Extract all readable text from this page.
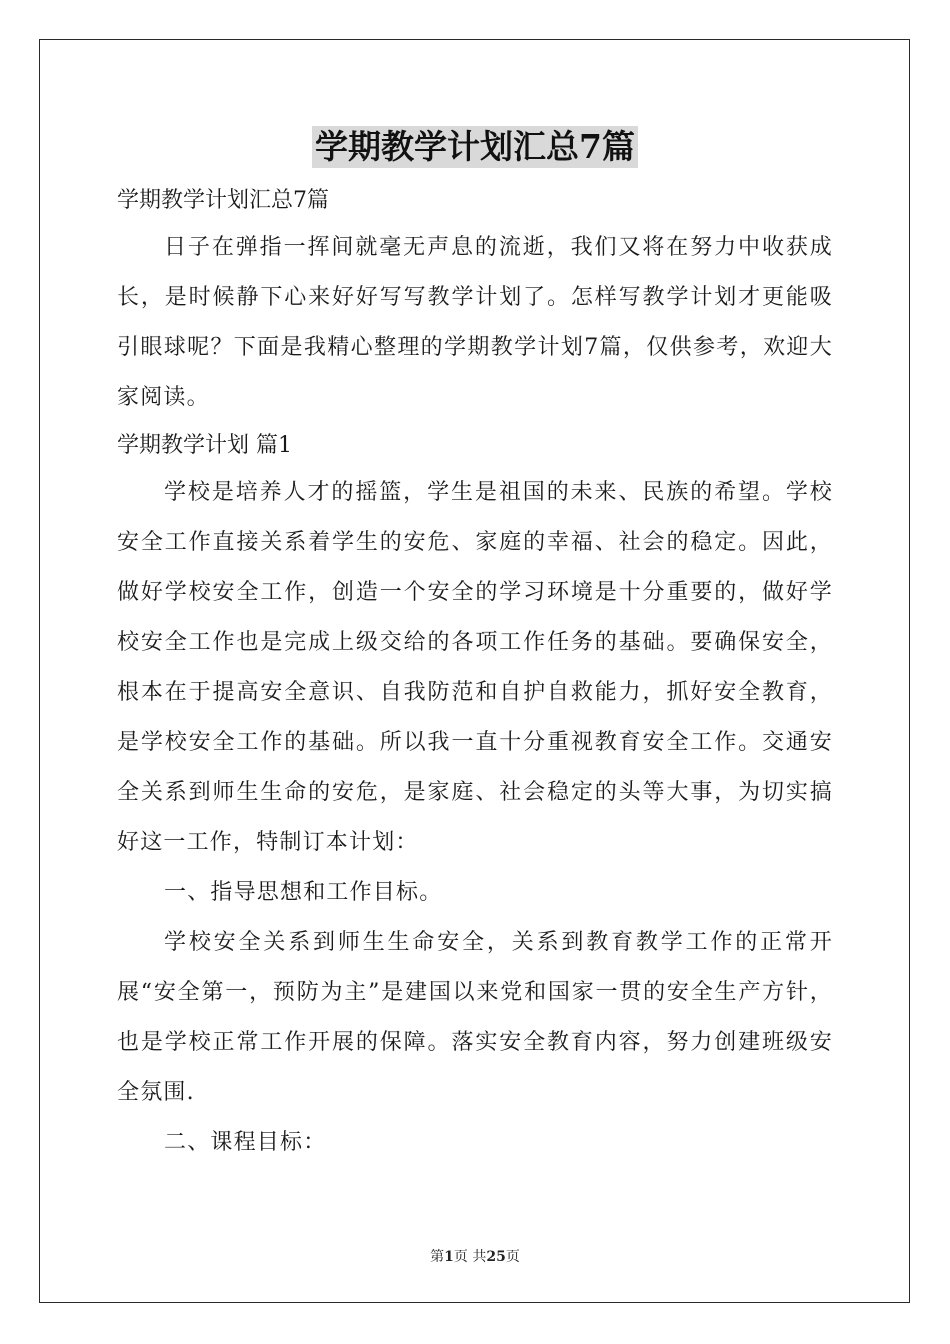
学期教学计划汇总7篇

学期教学计划汇总7篇

日子在弹指一挥间就毫无声息的流逝，我们又将在努力中收获成长，是时候静下心来好好写写教学计划了。怎样写教学计划才更能吸引眼球呢？下面是我精心整理的学期教学计划7篇，仅供参考，欢迎大家阅读。

学期教学计划 篇1

学校是培养人才的摇篮，学生是祖国的未来、民族的希望。学校安全工作直接关系着学生的安危、家庭的幸福、社会的稳定。因此，做好学校安全工作，创造一个安全的学习环境是十分重要的，做好学校安全工作也是完成上级交给的各项工作任务的基础。要确保安全，根本在于提高安全意识、自我防范和自护自救能力，抓好安全教育，是学校安全工作的基础。所以我一直十分重视教育安全工作。交通安全关系到师生生命的安危，是家庭、社会稳定的头等大事，为切实搞好这一工作，特制订本计划：

一、指导思想和工作目标。

学校安全关系到师生生命安全，关系到教育教学工作的正常开展“安全第一，预防为主”是建国以来党和国家一贯的安全生产方针，也是学校正常工作开展的保障。落实安全教育内容，努力创建班级安全氛围.

二、课程目标：

第1页 共25页
